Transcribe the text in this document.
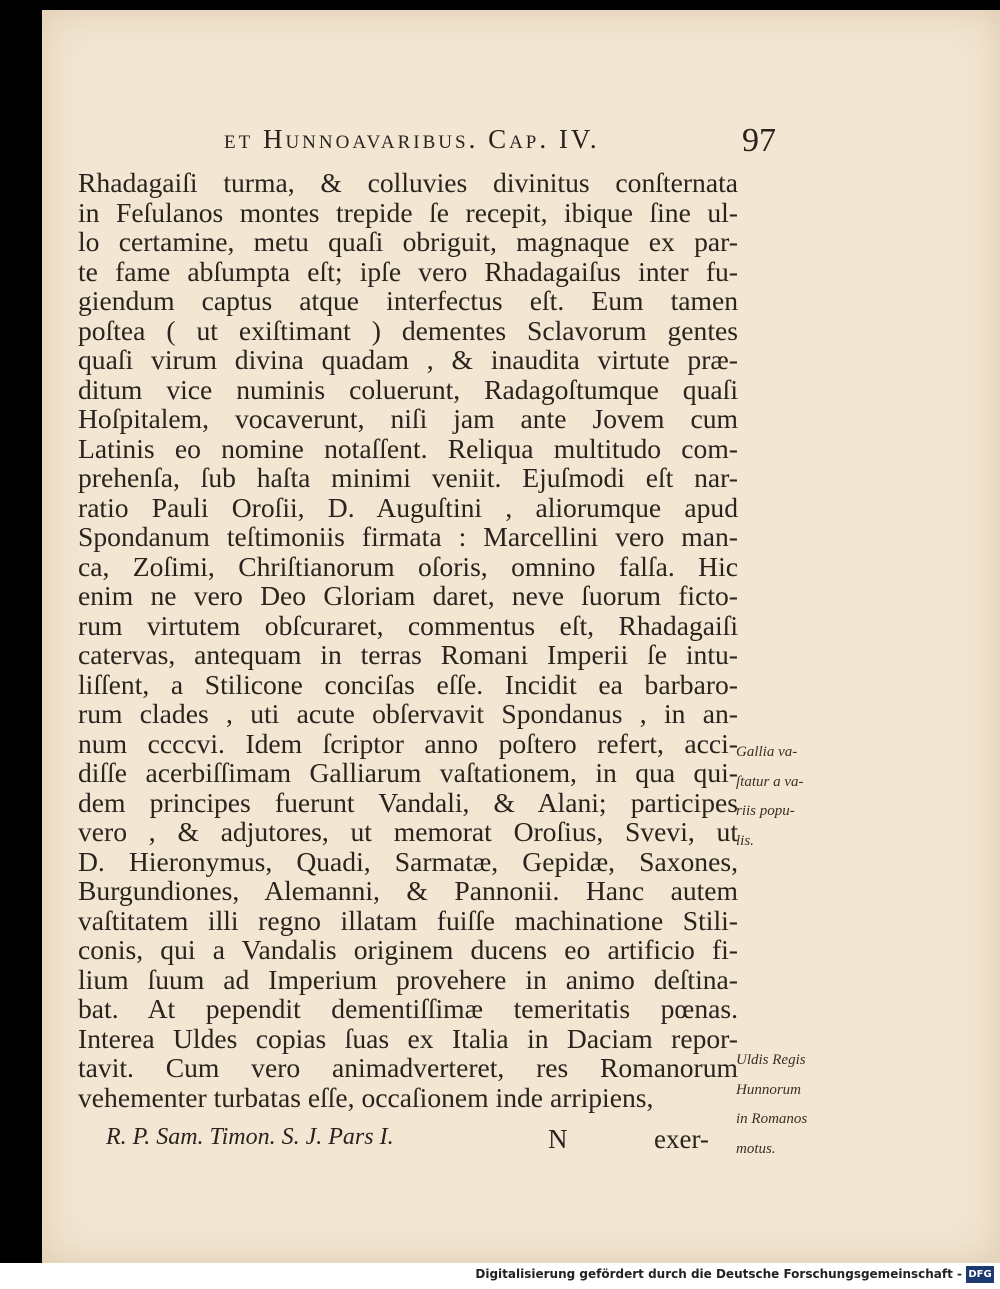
et Hunnoavaribus. Cap. IV.	97

Rhadagaiſi turma, & colluvies divinitus conſternata
in Feſulanos montes trepide ſe recepit, ibique ſine ul-
lo certamine, metu quaſi obriguit, magnaque ex par-
te fame abſumpta eſt; ipſe vero Rhadagaiſus inter fu-
giendum captus atque interfectus eſt. Eum tamen
poſtea ( ut exiſtimant ) dementes Sclavorum gentes
quaſi virum divina quadam , & inaudita virtute præ-
ditum vice numinis coluerunt, Radagoſtumque quaſi
Hoſpitalem, vocaverunt, niſi jam ante Jovem cum
Latinis eo nomine notaſſent. Reliqua multitudo com-
prehenſa, ſub haſta minimi veniit. Ejuſmodi eſt nar-
ratio Pauli Oroſii, D. Auguſtini , aliorumque apud
Spondanum teſtimoniis firmata : Marcellini vero man-
ca, Zoſimi, Chriſtianorum oſoris, omnino falſa. Hic
enim ne vero Deo Gloriam daret, neve ſuorum ficto-
rum virtutem obſcuraret, commentus eſt, Rhadagaiſi
catervas, antequam in terras Romani Imperii ſe intu-
liſſent, a Stilicone conciſas eſſe. Incidit ea barbaro-
rum clades , uti acute obſervavit Spondanus , in an-
num ccccvi. Idem ſcriptor anno poſtero refert, acci-
diſſe acerbiſſimam Galliarum vaſtationem, in qua qui-
dem principes fuerunt Vandali, & Alani; participes
vero , & adjutores, ut memorat Oroſius, Svevi, ut
D. Hieronymus, Quadi, Sarmatæ, Gepidæ, Saxones,
Burgundiones, Alemanni, & Pannonii. Hanc autem
vaſtitatem illi regno illatam fuiſſe machinatione Stili-
conis, qui a Vandalis originem ducens eo artificio fi-
lium ſuum ad Imperium provehere in animo deſtina-
bat. At pependit dementiſſimæ temeritatis pœnas.
Interea Uldes copias ſuas ex Italia in Daciam repor-
tavit. Cum vero animadverteret, res Romanorum
vehementer turbatas eſſe, occaſionem inde arripiens,

Gallia va-
ſtatur a va-
riis popu-
lis.

Uldis Regis
Hunnorum
in Romanos
motus.

R. P. Sam. Timon. S. J. Pars I.	N	exer-
Digitalisierung gefördert durch die Deutsche Forschungsgemeinschaft - DFG
